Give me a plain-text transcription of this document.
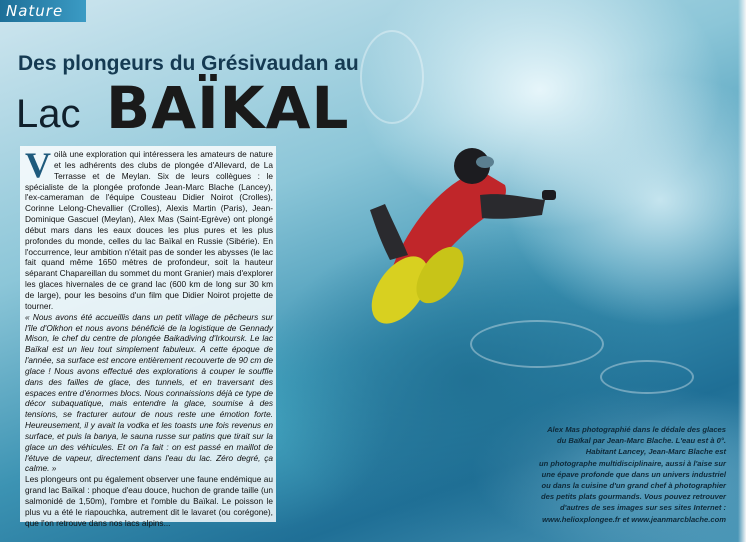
Nature
Des plongeurs du Grésivaudan au
Lac BAÏKAL
V oilà une exploration qui intéressera les amateurs de nature et les adhérents des clubs de plongée d'Allevard, de La Terrasse et de Meylan. Six de leurs collègues : le spécialiste de la plongée profonde Jean-Marc Blache (Lancey), l'ex-cameraman de l'équipe Cousteau Didier Noirot (Crolles), Corinne Lelong-Chevallier (Crolles), Alexis Martin (Paris), Jean-Dominique Gascuel (Meylan), Alex Mas (Saint-Egrève) ont plongé début mars dans les eaux douces les plus pures et les plus profondes du monde, celles du lac Baïkal en Russie (Sibérie). En l'occurrence, leur ambition n'était pas de sonder les abysses (le lac fait quand même 1650 mètres de profondeur, soit la hauteur séparant Chapareillan du sommet du mont Granier) mais d'explorer les glaces hivernales de ce grand lac (600 km de long sur 30 km de large), pour les besoins d'un film que Didier Noirot projette de tourner.

« Nous avons été accueillis dans un petit village de pêcheurs sur l'île d'Olkhon et nous avons bénéficié de la logistique de Gennady Mison, le chef du centre de plongée Baikadiving d'Irkoursk. Le lac Baïkal est un lieu tout simplement fabuleux. A cette époque de l'année, sa surface est encore entièrement recouverte de 90 cm de glace ! Nous avons effectué des explorations à couper le souffle dans des failles de glace, des tunnels, et en traversant des espaces entre d'énormes blocs. Nous connaissions déjà ce type de décor subaquatique, mais entendre la glace, soumise à des tensions, se fracturer autour de nous reste une émotion forte. Heureusement, il y avait la vodka et les toasts une fois revenus en surface, et puis la banya, le sauna russe sur patins que tirait sur la glace un des véhicules. Et on l'a fait : on est passé en maillot de l'étuve de vapeur, directement dans l'eau du lac. Zéro degré, ça calme. »

Les plongeurs ont pu également observer une faune endémique au grand lac Baïkal : phoque d'eau douce, huchon de grande taille (un salmonidé de 1,50m), l'ombre et l'omble du Baïkal. Le poisson le plus vu a été le riapouchka, autrement dit le lavaret (ou corégone), que l'on retrouve dans nos lacs alpins...

Alex Mas photographié dans le dédale des glaces

du Baïkal par Jean-Marc Blache. L'eau est à 0°.

Habitant Lancey, Jean-Marc Blache est

un photographe multidisciplinaire, aussi à l'aise sur

une épave profonde que dans un univers industriel

ou dans la cuisine d'un grand chef à photographier

des petits plats gourmands. Vous pouvez retrouver

d'autres de ses images sur ses sites Internet :

www.helioxplongee.fr et www.jeanmarcblache.com
